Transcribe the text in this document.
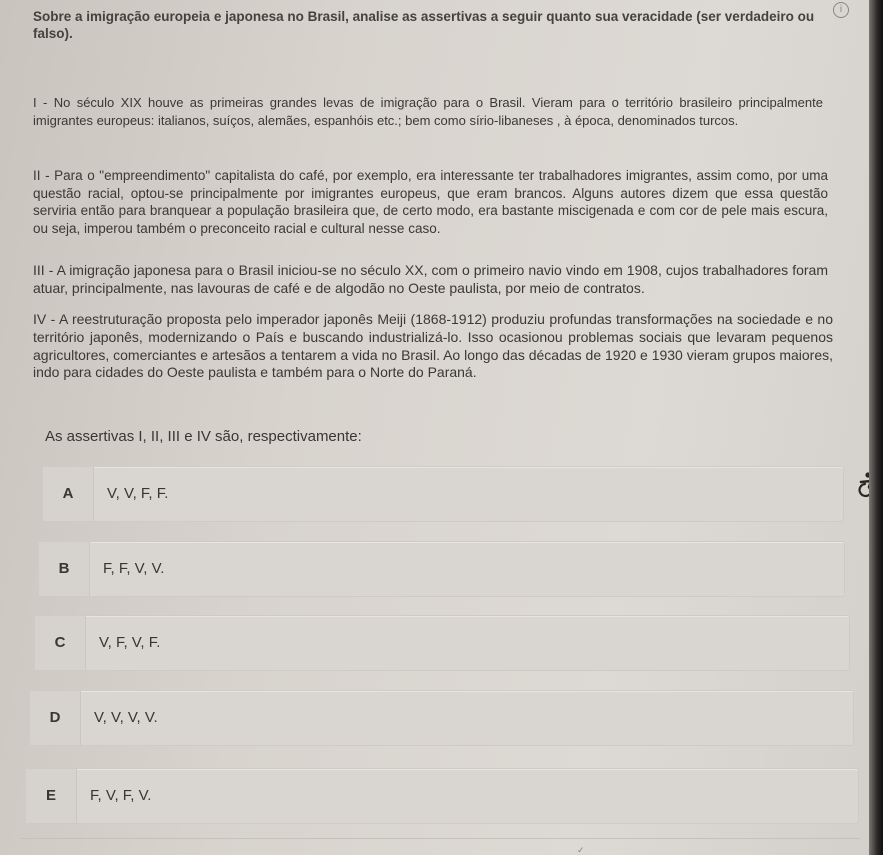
i
Sobre a imigração europeia e japonesa no Brasil, analise as assertivas a seguir quanto sua veracidade (ser verdadeiro ou falso).
I - No século XIX houve as primeiras grandes levas de imigração para o Brasil. Vieram para o território brasileiro principalmente imigrantes europeus: italianos, suíços, alemães, espanhóis etc.; bem como sírio-libaneses , à época, denominados turcos.
II - Para o "empreendimento" capitalista do café, por exemplo, era interessante ter trabalhadores imigrantes, assim como, por uma questão racial, optou-se principalmente por imigrantes europeus, que eram brancos. Alguns autores dizem que essa questão serviria então para branquear a população brasileira que, de certo modo, era bastante miscigenada e com cor de pele mais escura, ou seja, imperou também o preconceito racial e cultural nesse caso.
III - A imigração japonesa para o Brasil iniciou-se no século XX, com o primeiro navio vindo em 1908, cujos trabalhadores foram atuar, principalmente, nas lavouras de café e de algodão no Oeste paulista, por meio de contratos.
IV - A reestruturação proposta pelo imperador japonês Meiji (1868-1912) produziu profundas transformações na sociedade e no território japonês, modernizando o País e buscando industrializá-lo. Isso ocasionou problemas sociais que levaram pequenos agricultores, comerciantes e artesãos a tentarem a vida no Brasil. Ao longo das décadas de 1920 e 1930 vieram grupos maiores, indo para cidades do Oeste paulista e também para o Norte do Paraná.
As assertivas I, II, III e IV são, respectivamente:
A	V, V, F, F.
B	F, F, V, V.
C	V, F, V, F.
D	V, V, V, V.
E	F, V, F, V.
✓
